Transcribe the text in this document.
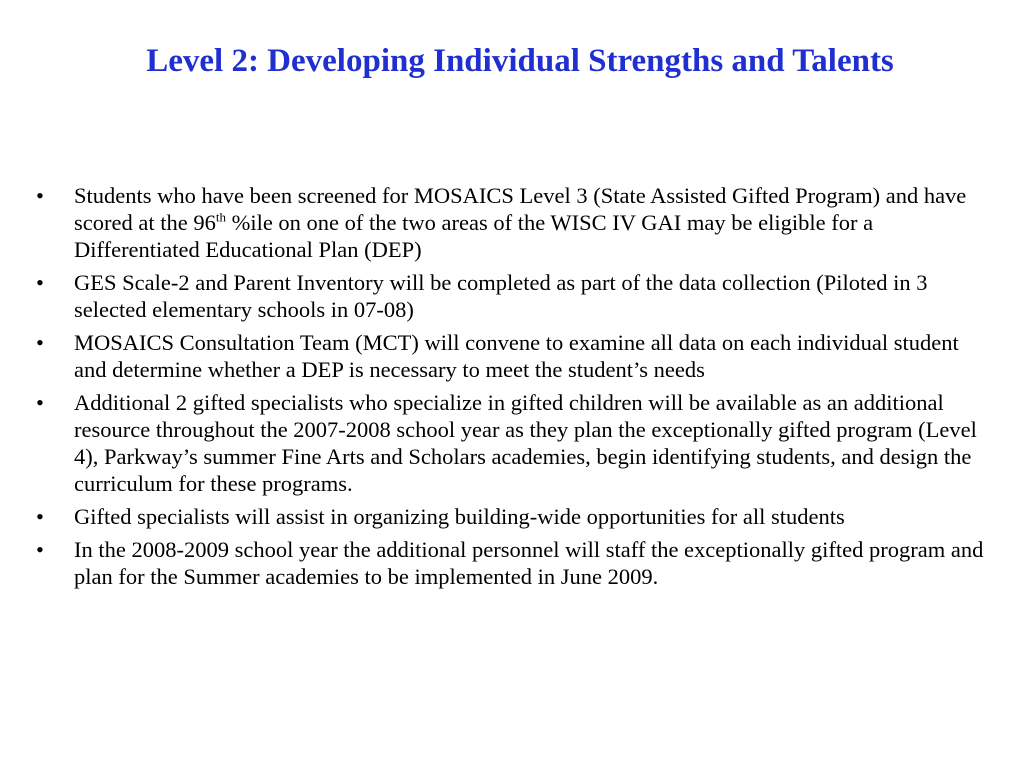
Level 2: Developing Individual Strengths and Talents
•	Students who have been screened for MOSAICS Level 3 (State Assisted Gifted Program) and have scored at the 96th %ile on one of the two areas of the WISC IV GAI may be eligible for a Differentiated Educational Plan (DEP)
•	GES Scale-2 and Parent Inventory will be completed as part of the data collection (Piloted in 3 selected elementary schools in 07-08)
•	MOSAICS Consultation Team (MCT) will convene to examine all data on each individual student and determine whether a DEP is necessary to meet the student’s needs
•	Additional 2 gifted specialists who specialize in gifted children will be available as an additional resource throughout the 2007-2008 school year as they plan the exceptionally gifted program (Level 4), Parkway’s summer Fine Arts and Scholars academies, begin identifying students, and design the curriculum for these programs.
•	Gifted specialists will assist in organizing building-wide opportunities for all students
•	In the 2008-2009 school year the additional personnel will staff the exceptionally gifted program and plan for the Summer academies to be implemented in June 2009.
